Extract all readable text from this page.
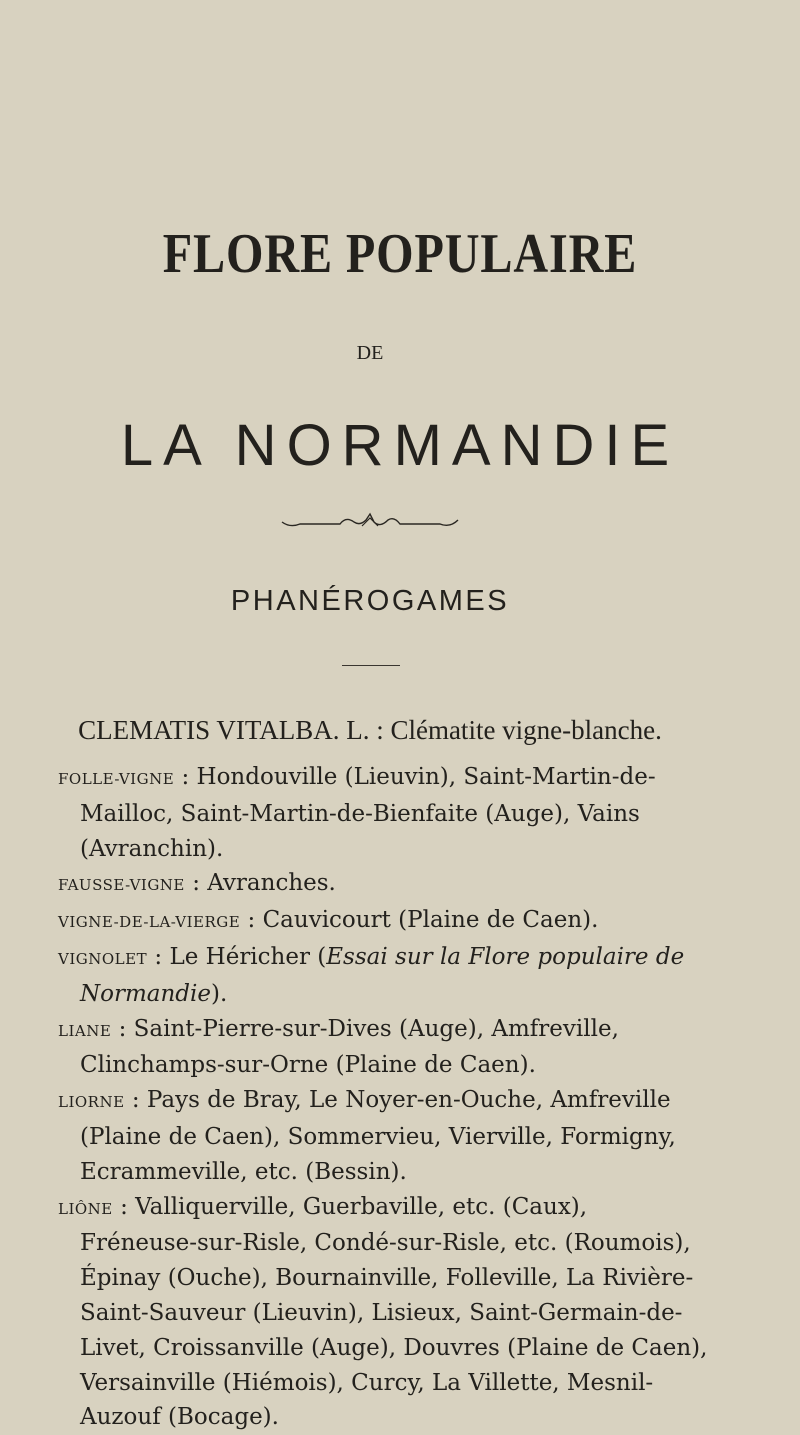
FLORE POPULAIRE
DE
LA NORMANDIE
PHANÉROGAMES
CLEMATIS VITALBA. L. : Clématite vigne-blanche.

FOLLE-VIGNE : Hondouville (Lieuvin), Saint-Martin-de-Mailloc, Saint-Martin-de-Bienfaite (Auge), Vains (Avranchin).

FAUSSE-VIGNE : Avranches.

VIGNE-DE-LA-VIERGE : Cauvicourt (Plaine de Caen).

VIGNOLET : Le Héricher (Essai sur la Flore populaire de Normandie).

LIANE : Saint-Pierre-sur-Dives (Auge), Amfreville, Clinchamps-sur-Orne (Plaine de Caen).

LIORNE : Pays de Bray, Le Noyer-en-Ouche, Amfreville (Plaine de Caen), Sommervieu, Vierville, Formigny, Ecrammeville, etc. (Bessin).

LIÔNE : Valliquerville, Guerbaville, etc. (Caux), Fréneuse-sur-Risle, Condé-sur-Risle, etc. (Roumois), Épinay (Ouche), Bournainville, Folleville, La Rivière-Saint-Sauveur (Lieuvin), Lisieux, Saint-Germain-de-Livet, Croissanville (Auge), Douvres (Plaine de Caen), Versainville (Hiémois), Curcy, La Villette, Mesnil-Auzouf (Bocage).
